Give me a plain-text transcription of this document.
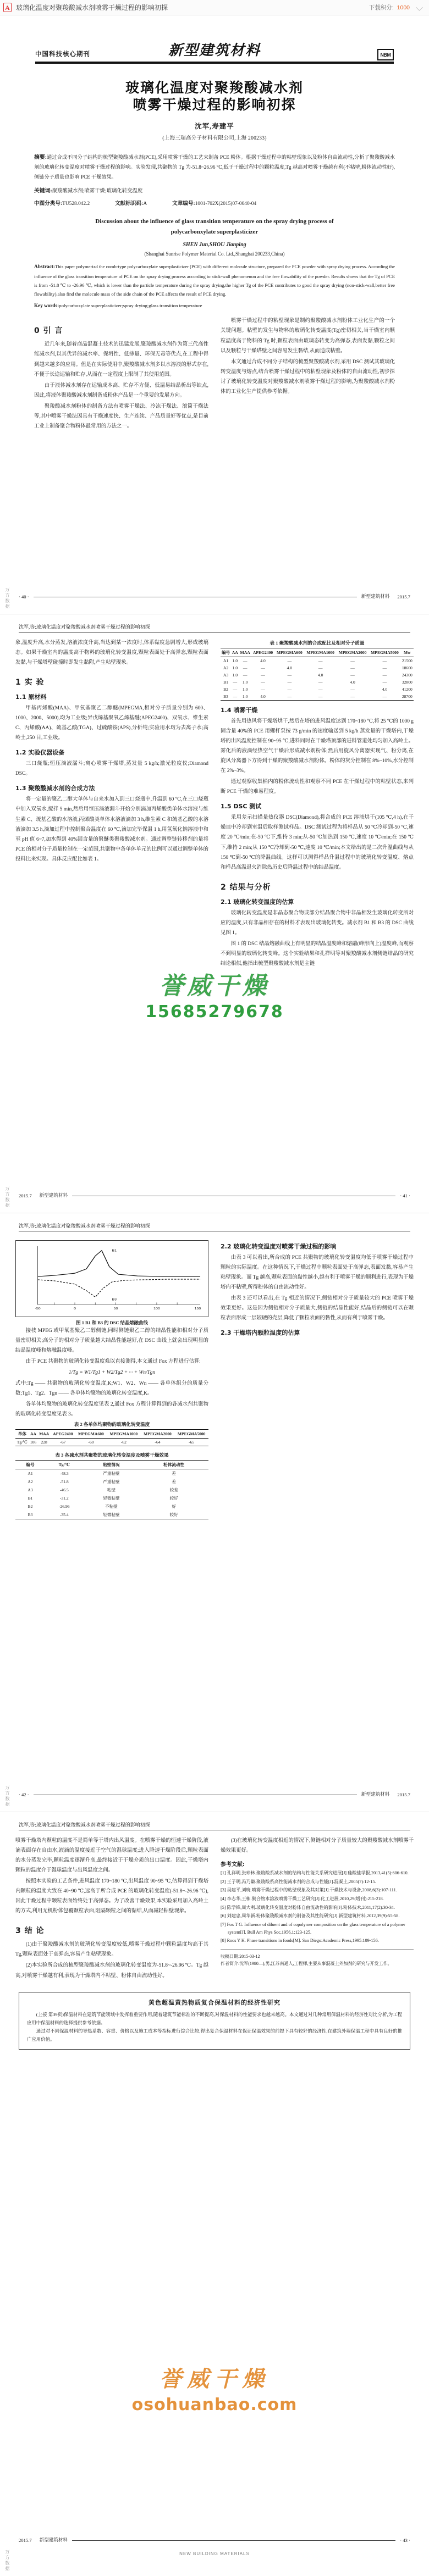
A 玻璃化温度对聚羧酸减水剂喷雾干燥过程的影响初探	下载积分: 1000
中国科技核心期刊	新型建筑材料	NBM
玻璃化温度对聚羧酸减水剂
喷雾干燥过程的影响初探
沈军,寿建平
(上海三瑞高分子材料有限公司,上海 200233)
摘要:通过合成不同分子结构的梳型聚羧酸减水剂(PCE),采用喷雾干燥的工艺来制备 PCE 粉体。根据干燥过程中的粘壁现象以及粉体自由流动性,分析了聚羧酸减水剂的玻璃化转变温度对喷雾干燥过程的影响。实验发现,共聚物的 Tg 为-51.8~26.96 ℃,低于干燥过程中的颗粒温度,Tg 越高对喷雾干燥越有利(不粘壁,粉体流动性好),侧链分子质量也影响 PCE 干燥效果。
关键词:聚羧酸减水剂;喷雾干燥;玻璃化转变温度
中图分类号:TU528.042.2	文献标识码:A	文章编号:1001-702X(2015)07-0040-04
Discussion about the influence of glass transition temperature on the spray drying process of
polycarbonxylate superplasticizer
SHEN Jun,SHOU Jianping
(Shanghai Sunrise Polymer Material Co. Ltd.,Shanghai 200233,China)
Abstract:This paper polymerizd the comb-type polycarboxylate superplasticizer (PCE) with different molecule structure, prepared the PCE powder with spray drying process. According the influence of the glass transition temperature of PCE on the spray drying process according to stick-wall phenomenon and the free flowability of the powder. Results shows that the Tg of PCE is from -51.8 ℃ to -26.96 ℃, which is lower than the particle temperature during the spray drying,the higher Tg of the PCE contributes to good the spray drying (non-stick-wall,better free flowability),also find the molecule mass of the side chain of the PCE affects the result of PCE drying.
Key words:polycarboxylate superplasticizer;spray drying;glass transition temperature
0 引 言

近几年来,随着商品混凝土技术的迅猛发展,聚羧酸减水剂作为第三代高性能减水剂,以其优异的减水率、保坍性、低掺量、环保无毒等优点,在工程中得到越来越多的应用。但是在实际使用中,聚羧酸减水剂多以水溶液的形式存在,不便于长途运输和贮存,从而在一定程度上限制了其使用范围。

由于液体减水剂存在运输成本高、贮存不方便、低温易结晶析出等缺点,因此,将液体聚羧酸减水剂制备成粉体产品是一个重要的发展方向。

聚羧酸减水剂粉体的制备方法有喷雾干燥法、冷冻干燥法、滚筒干燥法等,其中喷雾干燥法因具有干燥速度快、生产连续、产品质量好等优点,是目前工业上制备聚合物粉体最常用的方法之一。

喷雾干燥过程中的粘壁现象是制约聚羧酸减水剂粉体工业化生产的一个关键问题。粘壁的发生与物料的玻璃化转变温度(Tg)密切相关,当干燥室内颗粒温度高于物料的 Tg 时,颗粒表面由玻璃态转变为高弹态,表面发黏,颗粒之间以及颗粒与干燥塔壁之间容易发生黏结,从而造成粘壁。

本文通过合成不同分子结构的梳型聚羧酸减水剂,采用 DSC 测试其玻璃化转变温度与熔点,结合喷雾干燥过程中的粘壁现象及粉体的自由流动性,初步探讨了玻璃化转变温度对聚羧酸减水剂喷雾干燥过程的影响,为聚羧酸减水剂粉体的工业化生产提供参考依据。

· 40 ·	新型建筑材料 2015.7
万方数据
沈军,等:玻璃化温度对聚羧酸减水剂喷雾干燥过程的影响初探

象,温度升高,水分蒸发,溶液浓度升高,当达到某一浓度时,体系黏度急剧增大,形成玻璃态。如果干燥室内的温度高于物料的玻璃化转变温度,颗粒表面处于高弹态,颗粒表面发黏,与干燥塔壁碰撞时即发生黏附,产生粘壁现象。

1 实 验
1.1 原材料

甲基丙烯酸(MAA)、甲氧基聚乙二醇醚(MPEGMA,相对分子质量分别为 600、1000、2000、5000),均为工业级;异戊烯基聚氧乙烯基醚(APEG2400)、双氧水、维生素 C、丙烯酸(AA)、巯基乙酸(TGA)、过硫酸铵(APS),分析纯;实验用水均为去离子水;高岭土,250 目,工业级。

1.2 实验仪器设备

三口烧瓶;恒压滴液漏斗;离心喷雾干燥塔,蒸发量 5 kg/h;激光粒度仪;Diamond DSC。

1.3 聚羧酸减水剂的合成方法

将一定量的聚乙二醇大单体与自来水加入到三口烧瓶中,升温到 60 ℃,在三口烧瓶中加入双氧水,搅拌 5 min,然后用恒压滴液漏斗开始分别滴加丙烯酸类单体水溶液与维生素 C、巯基乙酸的水溶液,丙烯酸类单体水溶液滴加 3 h,维生素 C 和巯基乙酸的水溶液滴加 3.5 h,滴加过程中控制聚合温度在 60 ℃,滴加完毕保温 1 h,用氢氧化钠溶液中和至 pH 值 6~7,加水得到 40%固含量的聚醚类聚羧酸减水剂。通过调整链转移剂的量将 PCE 的相对分子质量控制在一定范围,共聚物中各单体单元的比例可以通过调整单体的投料比来实现。具体反应配比如表 1。

表 1 聚羧酸减水剂的合成配比及相对分子质量
编号	AA	MAA	APEG2400	MPEGMA600	MPEGMA1000	MPEGMA2000	MPEGMA5000	Mw
A1	1.0	—	4.0	—	—	—	—	21500
A2	1.0	—	—	4.0	—	—	—	18600
A3	1.0	—	—	—	4.0	—	—	24300
B1	—	1.0	—	—	—	4.0	—	32800
B2	—	1.0	—	—	—	—	4.0	41200
B3	—	1.0	4.0	—	—	—	—	28700
1.4 喷雾干燥

首先用热风将干燥塔烘干,然后在塔的进风温度达到 170~180 ℃,将 25 ℃的 1000 g 固含量 40%的 PCE 用螺杆泵按 73 g/min 的速度输送到 5 kg/h 蒸发量的干燥塔内,干燥塔的出风温度控制在 90~95 ℃,进料同时在干燥塔顶部的进料管道处均匀加入高岭土。雾化后的液滴经热空气干燥后形成减水剂粉体;然后用旋风分离器实现气、粉分离,在旋风分离器下方得到干燥的聚羧酸减水剂粉体。粉体的灰分控制在 8%~10%,水分控制在 2%~3%。

通过观察收集桶内的粉体流动性和观察不同 PCE 在干燥过程中的粘壁状态,来判断 PCE 干燥的难易程度。

1.5 DSC 测试

采用差示扫描量热仪器 DSC(Diamond),将合成的 PCE 溶液烘干(105 ℃,4 h),在干燥皿中冷却到室温后取样测试样品。DSC 测试过程为将样品从 50 ℃冷却到-50 ℃,速度 20 ℃/min;在-50 ℃下,维持 3 min;从-50 ℃加热到 150 ℃,速度 10 ℃/min;在 150 ℃下,维持 2 min;从 150 ℃冷却到-50 ℃,速度 10 ℃/min;本文给出的是二次升温曲线与从 150 ℃到-50 ℃的降温曲线。这样可以测得样品升温过程中的玻璃化转变温度、熔点和样品高温退火消除热历史后降温过程中的结晶温度。

2 结果与分析
2.1 玻璃化转变温度的估算

玻璃化转变温度是非晶态聚合物或部分结晶聚合物中非晶相发生玻璃化转变所对应的温度,只有非晶相存在的材料才表现出玻璃化转变。减水剂 B1 和 B3 的 DSC 曲线见图 1。

图 1 的 DSC 结晶熔融曲线上有明显的结晶温度峰和熔融(峰形向上)温度峰,而观察不到明显的玻璃化转变峰。这个实验结果和孔祥明等对聚羧酸减水剂侧链结晶的研究结论相似,他指出梳型聚羧酸减水剂是主链

誉威干燥
15685279678
2015.7 新型建筑材料	· 41 ·
万方数据
沈军,等:玻璃化温度对聚羧酸减水剂喷雾干燥过程的影响初探
-50	0	50	100	150
B1
B3
图 1 B1 和 B3 的 DSC 结晶熔融曲线

接枝 MPEG 或甲氧基聚乙二醇侧链,同时侧链聚乙二醇的结晶性能和相对分子质量密切相关;高分子的相对分子质量越大结晶性能越好,在 DSC 曲线上就会出现明显的结晶温度峰和熔融温度峰。

由于 PCE 共聚物的玻璃化转变温度难以直接测得,本文通过 Fox 方程进行估算:

1/Tg = W1/Tg1 + W2/Tg2 + ··· + Wn/Tgn

式中:Tg —— 共聚物的玻璃化转变温度,K;W1、W2、Wn —— 各单体组分的质量分数;Tg1、Tg2、Tgn —— 各单体均聚物的玻璃化转变温度,K。

各单体均聚物的玻璃化转变温度见表 2,通过 Fox 方程计算得到的各减水剂共聚物的玻璃化转变温度见表 3。

表 2 各单体均聚物的玻璃化转变温度
单体	AA	MAA	APEG2400	MPEGMA600	MPEGMA1000	MPEGMA2000	MPEGMA5000
Tg/℃	106	228	-67	-60	-62	-64	-65
表 3 各减水剂共聚物的玻璃化转变温度及喷雾干燥效果
编号	Tg/℃	粘壁情况	粉体流动性
A1	-48.3	严重粘壁	差
A2	-51.8	严重粘壁	差
A3	-46.5	粘壁	较差
B1	-31.2	轻微粘壁	较好
B2	-26.96	不粘壁	好
B3	-35.4	轻微粘壁	较好
2.2 玻璃化转变温度对喷雾干燥过程的影响

由表 3 可以看出,所合成的 PCE 共聚物的玻璃化转变温度均低于喷雾干燥过程中颗粒的实际温度。在这种情况下,干燥过程中颗粒表面处于高弹态,表面发黏,容易产生粘壁现象。而 Tg 越高,颗粒表面的黏性越小,越有利于喷雾干燥的顺利进行,表现为干燥塔内不粘壁,所得粉体的自由流动性好。

由表 3 还可以看出,在 Tg 相近的情况下,侧链相对分子质量较大的 PCE 喷雾干燥效果更好。这是因为侧链相对分子质量大,侧链的结晶性能好,结晶后的侧链可以在颗粒表面形成一层较硬的壳层,降低了颗粒表面的黏性,从而有利于喷雾干燥。

2.3 干燥塔内颗粒温度的估算
· 42 ·	新型建筑材料 2015.7
万方数据
沈军,等:玻璃化温度对聚羧酸减水剂喷雾干燥过程的影响初探

喷雾干燥塔内颗粒的温度不是简单等于塔内出风温度。在喷雾干燥的恒速干燥阶段,液滴表面存在自由水,液滴的温度接近于空气的湿球温度;进入降速干燥阶段后,颗粒表面的水分蒸发完毕,颗粒温度逐渐升高,最终接近于干燥介质的出口温度。因此,干燥塔内颗粒的温度介于湿球温度与出风温度之间。

按照本实验的工艺条件,进风温度 170~180 ℃,出风温度 90~95 ℃,估算得到干燥塔内颗粒的温度大致在 40~90 ℃,远高于所合成 PCE 的玻璃化转变温度(-51.8~-26.96 ℃),因此干燥过程中颗粒表面始终处于高弹态。为了改善干燥效果,本实验采用加入高岭土的方式,利用无机粉体包覆颗粒表面,阻隔颗粒之间的黏结,从而减轻粘壁现象。

3 结 论

(1)由于聚羧酸减水剂的玻璃化转变温度较低,喷雾干燥过程中颗粒温度均高于其 Tg,颗粒表面处于高弹态,容易产生粘壁现象。

(2)本实验所合成的梳型聚羧酸减水剂的玻璃化转变温度为-51.8~-26.96 ℃。Tg 越高,对喷雾干燥越有利,表现为干燥塔内不粘壁、粉体自由流动性好。

(3)在玻璃化转变温度相近的情况下,侧链相对分子质量较大的聚羧酸减水剂喷雾干燥效果更好。

参考文献:
[1] 孔祥明,张珍林.聚羧酸系减水剂的结构与性能关系研究进展[J].硅酸盐学报,2013,41(5):606-610.
[2] 王子明,冯乃谦.聚羧酸系高性能减水剂的合成与性能[J].混凝土,2005(7):12-15.
[3] 吴建平,刘晓.喷雾干燥过程中的粘壁现象及其对策[J].干燥技术与设备,2008,6(3):107-111.
[4] 李志华,王栋.聚合物水溶液喷雾干燥工艺研究[J].化工进展,2010,29(增刊):215-218.
[5] 陈学锋,周大利.玻璃化转变温度对粉体自由流动性的影响[J].粉体技术,2011,17(2):30-34.
[6] 刘建忠,周华新.粉体聚羧酸减水剂的制备及其性能研究[J].新型建筑材料,2012,39(9):55-58.
[7] Fox T G. Influence of diluent and of copolymer composition on the glass temperature of a polymer system[J]. Bull Am Phys Soc,1956,1:123-125.
[8] Roos Y H. Phase transitions in foods[M]. San Diego:Academic Press,1995:109-156.
收稿日期:2015-03-12
作者简介:沈军(1980—),男,江苏南通人,工程师,主要从事混凝土外加剂的研究与开发工作。
黄色超温黄热物质复合保温材料的经济性研究
(上接 第39页)保温材料在建筑节能领域中发挥着重要作用,随着建筑节能标准的不断提高,对保温材料的性能要求也越来越高。本文通过对几种常用保温材料的经济性对比分析,为工程应用中保温材料的选择提供参考依据。
通过对不同保温材料的导热系数、容重、价格以及施工成本等指标进行综合比较,得出复合保温材料在保证保温效果的前提下具有较好的经济性,在建筑外墙保温工程中具有良好的推广应用价值。
誉威干燥
osohuanbao.com
2015.7 新型建筑材料	· 43 ·
NEW BUILDING MATERIALS
万方数据
